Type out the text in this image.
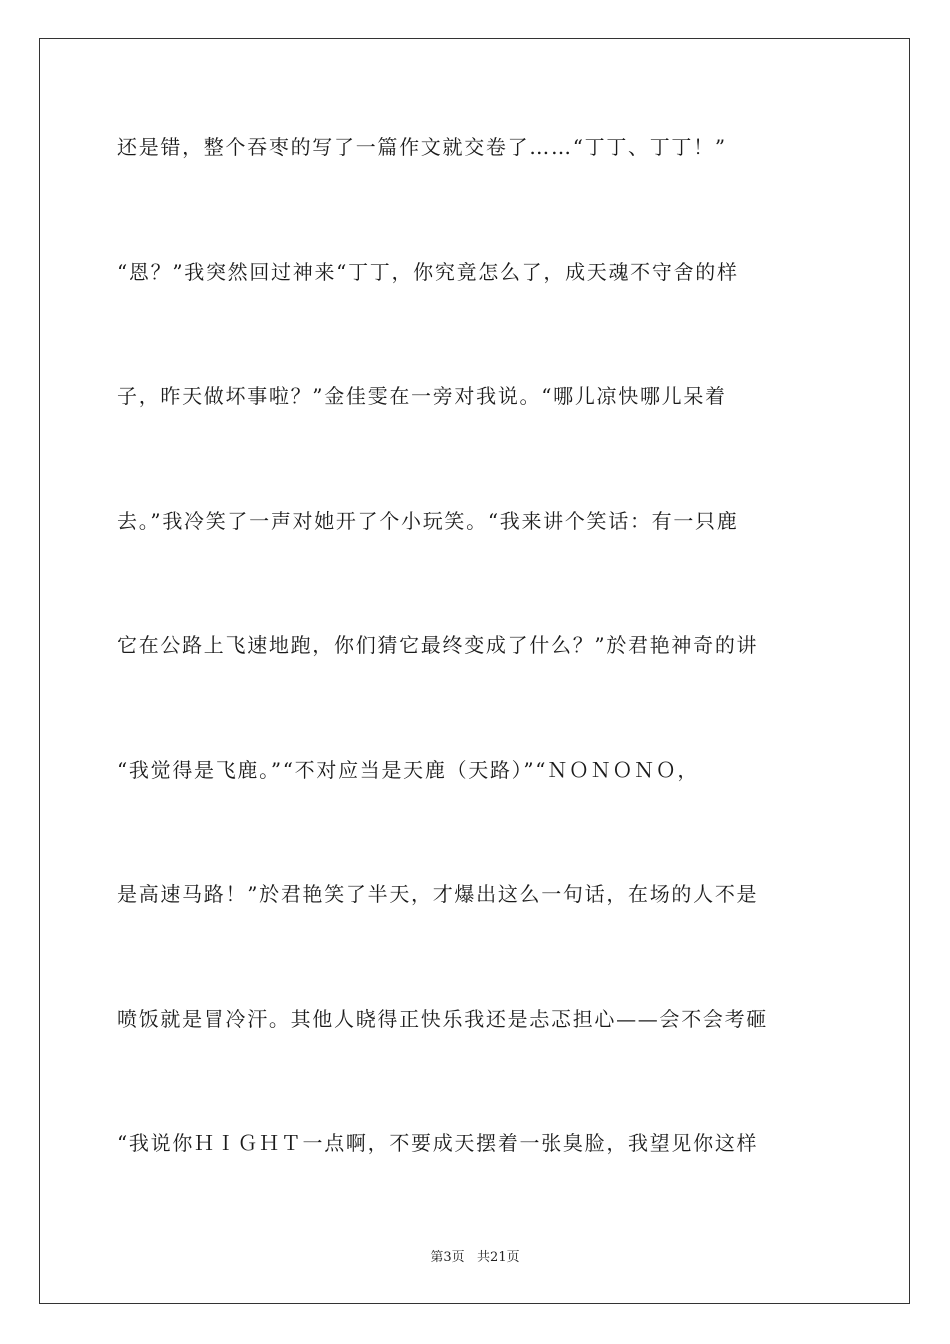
还是错，整个吞枣的写了一篇作文就交卷了……“丁丁、丁丁！”
“恩？”我突然回过神来“丁丁，你究竟怎么了，成天魂不守舍的样
子，昨天做坏事啦？”金佳雯在一旁对我说。“哪儿凉快哪儿呆着
去。”我冷笑了一声对她开了个小玩笑。“我来讲个笑话：有一只鹿
它在公路上飞速地跑，你们猜它最终变成了什么？”於君艳神奇的讲
“我觉得是飞鹿。”“不对应当是天鹿（天路）”“ＮＯＮＯＮＯ，
是高速马路！”於君艳笑了半天，才爆出这么一句话，在场的人不是
喷饭就是冒冷汗。其他人晓得正快乐我还是忐忑担心——会不会考砸
“我说你ＨＩＧＨＴ一点啊，不要成天摆着一张臭脸，我望见你这样
第3页   共21页
